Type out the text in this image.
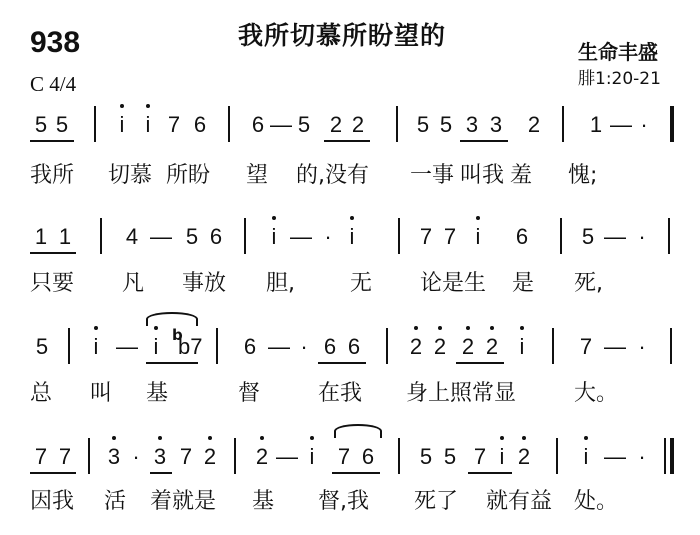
938	我所切慕所盼望的
生命丰盛
腓1:20-21
C 4/4
5 5	i i 7 6 6 — 5 2 2 5 5 3 3 2 1 — ·
我所 切慕 所盼 望 的,没有 一事 叫我 羞 愧;
1 1 4 — 5 6	i — · i	7 7 i	6 5 — ·
只要 凡 事放 胆,	无 论是生 是 死,
5	i — i b
b7 6 — · 6 6 2 2 2 2 i	7 — ·
总 叫 基	督	在我 身上照常显	大。
7 7 3 · 3 7 2 2 — i	7 6 5 5 7 i 2	i — ·
因我 活 着就是 基 督,我 死了 就有益 处。
